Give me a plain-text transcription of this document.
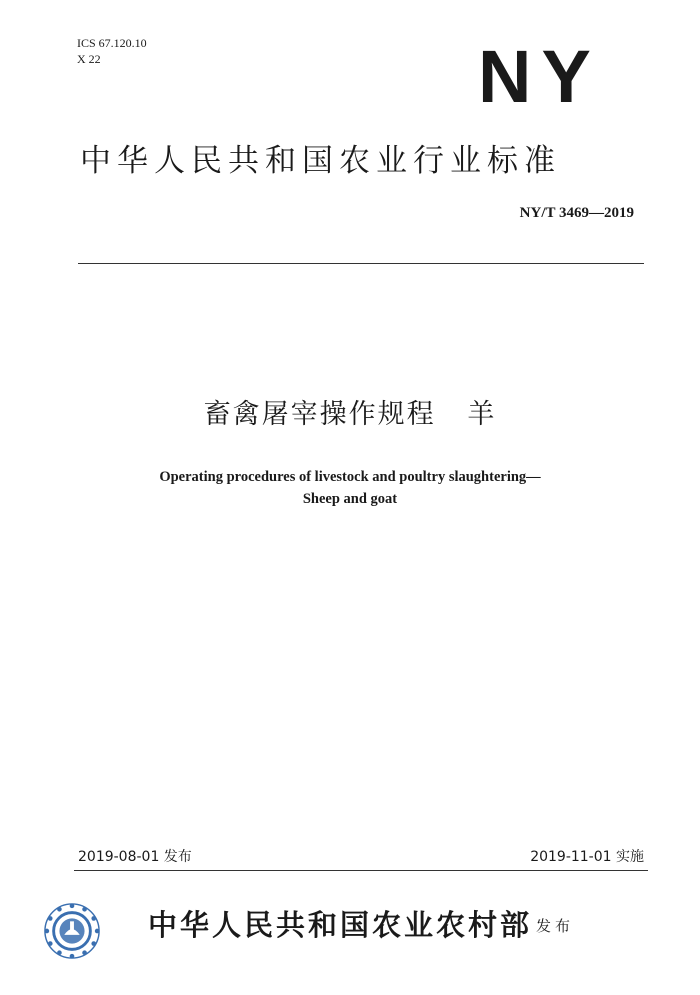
ICS 67.120.10
X 22	NY
中华人民共和国农业行业标准
NY/T 3469—2019
畜禽屠宰操作规程   羊
Operating procedures of livestock and poultry slaughtering—
Sheep and goat
2019-08-01 发布	2019-11-01 实施
中华人民共和国农业农村部 发布
